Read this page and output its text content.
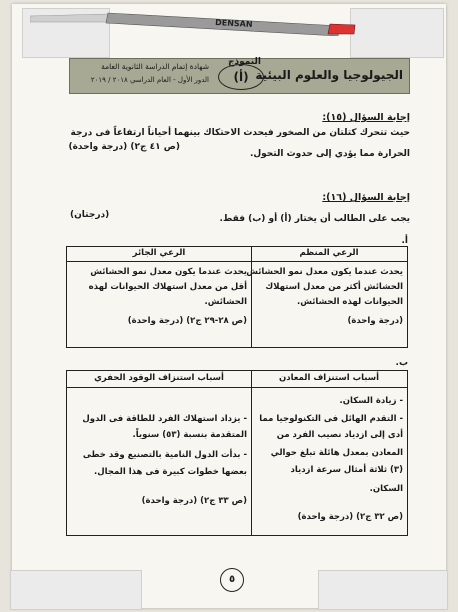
DENSAN
الجيولوجيا والعلوم البيئية
النموذج
(أ)
شهادة إتمام الدراسة الثانوية العامة
الدور الأول - العام الدراسي ٢٠١٨ / ٢٠١٩
إجابة السؤال (١٥):
حيث تتحرك كتلتان من الصخور فيحدث الاحتكاك بينهما أحياناً ارتفاعاً فى درجة
الحرارة مما يؤدي إلى حدوث التحول.
(ص ٤١ ج٢) (درجة واحدة)
إجابة السؤال (١٦):
يجب على الطالب أن يختار (أ) أو (ب) فقط.
(درجتان)
أ.
الرعي المنظم
الرعي الجائر
يحدث عندما يكون معدل نمو الحشائش
الحشائش أكثر من معدل استهلاك
الحيوانات لهذه الحشائش.
(درجة واحدة)
يحدث عندما يكون معدل نمو الحشائش
أقل من معدل استهلاك الحيوانات لهذه
الحشائش.
(ص ٢٨-٢٩ ج٢) (درجة واحدة)
ب.
أسباب استنزاف المعادن
أسباب استنزاف الوقود الحفري
- زيادة السكان.
- التقدم الهائل فى التكنولوجيا مما
أدى إلى ازدياد نصيب الفرد من
المعادن بمعدل هائلة تبلغ حوالي
(٣) ثلاثة أمثال سرعة ازدياد
السكان.
(ص ٣٢ ج٢) (درجة واحدة)
- يزداد استهلاك الفرد للطاقة فى الدول
المتقدمة بنسبة (٥٣) سنوياً.
- بدأت الدول النامية بالتصنيع وقد خطى
بعضها خطوات كبيرة فى هذا المجال.
(ص ٣٣ ج٢) (درجة واحدة)
٥
